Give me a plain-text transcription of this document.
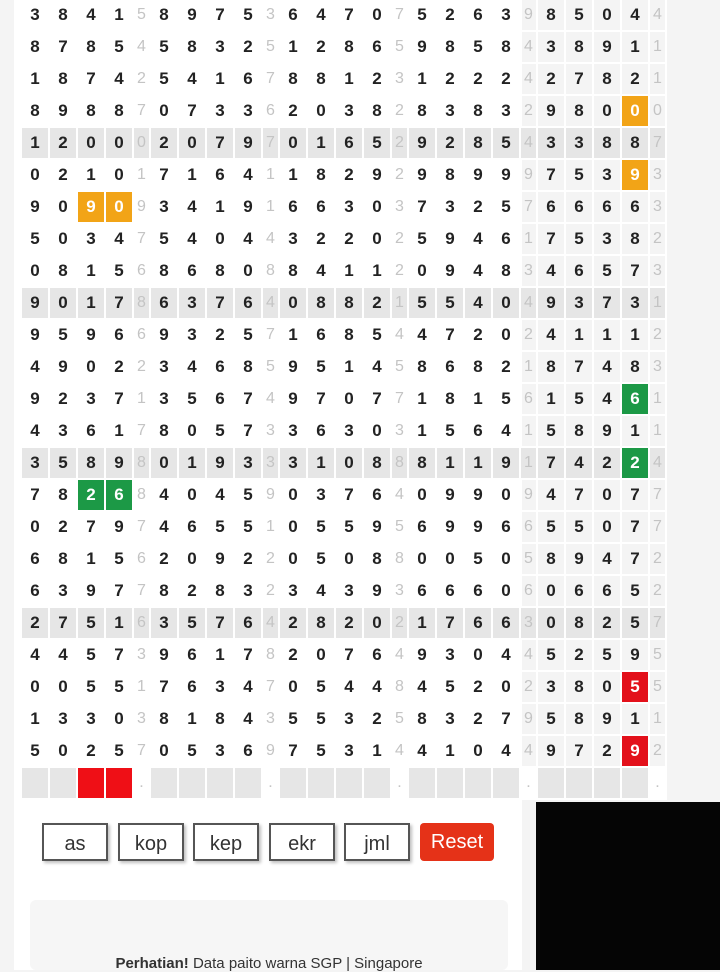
3	8	4	1	5	8	9	7	5	3	6	4	7	0	7	5	2	6	3	9	8	5	0	4	4
8	7	8	5	4	5	8	3	2	5	1	2	8	6	5	9	8	5	8	4	3	8	9	1	1
1	8	7	4	2	5	4	1	6	7	8	8	1	2	3	1	2	2	2	4	2	7	8	2	1
8	9	8	8	7	0	7	3	3	6	2	0	3	8	2	8	3	8	3	2	9	8	0	0	0
1	2	0	0	0	2	0	7	9	7	0	1	6	5	2	9	2	8	5	4	3	3	8	8	7
0	2	1	0	1	7	1	6	4	1	1	8	2	9	2	9	8	9	9	9	7	5	3	9	3
9	0	9	0	9	3	4	1	9	1	6	6	3	0	3	7	3	2	5	7	6	6	6	6	3
5	0	3	4	7	5	4	0	4	4	3	2	2	0	2	5	9	4	6	1	7	5	3	8	2
0	8	1	5	6	8	6	8	0	8	8	4	1	1	2	0	9	4	8	3	4	6	5	7	3
9	0	1	7	8	6	3	7	6	4	0	8	8	2	1	5	5	4	0	4	9	3	7	3	1
9	5	9	6	6	9	3	2	5	7	1	6	8	5	4	4	7	2	0	2	4	1	1	1	2
4	9	0	2	2	3	4	6	8	5	9	5	1	4	5	8	6	8	2	1	8	7	4	8	3
9	2	3	7	1	3	5	6	7	4	9	7	0	7	7	1	8	1	5	6	1	5	4	6	1
4	3	6	1	7	8	0	5	7	3	3	6	3	0	3	1	5	6	4	1	5	8	9	1	1
3	5	8	9	8	0	1	9	3	3	3	1	0	8	8	8	1	1	9	1	7	4	2	2	4
7	8	2	6	8	4	0	4	5	9	0	3	7	6	4	0	9	9	0	9	4	7	0	7	7
0	2	7	9	7	4	6	5	5	1	0	5	5	9	5	6	9	9	6	6	5	5	0	7	7
6	8	1	5	6	2	0	9	2	2	0	5	0	8	8	0	0	5	0	5	8	9	4	7	2
6	3	9	7	7	8	2	8	3	2	3	4	3	9	3	6	6	6	0	6	0	6	6	5	2
2	7	5	1	6	3	5	7	6	4	2	8	2	0	2	1	7	6	6	3	0	8	2	5	7
4	4	5	7	3	9	6	1	7	8	2	0	7	6	4	9	3	0	4	4	5	2	5	9	5
0	0	5	5	1	7	6	3	4	7	0	5	4	4	8	4	5	2	0	2	3	8	0	5	5
1	3	3	0	3	8	1	8	4	3	5	5	3	2	5	8	3	2	7	9	5	8	9	1	1
5	0	2	5	7	0	5	3	6	9	7	5	3	1	4	4	1	0	4	4	9	7	2	9	2
				.					.					.					.					.
as	kop	kep	ekr	jml	Reset
Perhatian! Data paito warna SGP | Singapore
